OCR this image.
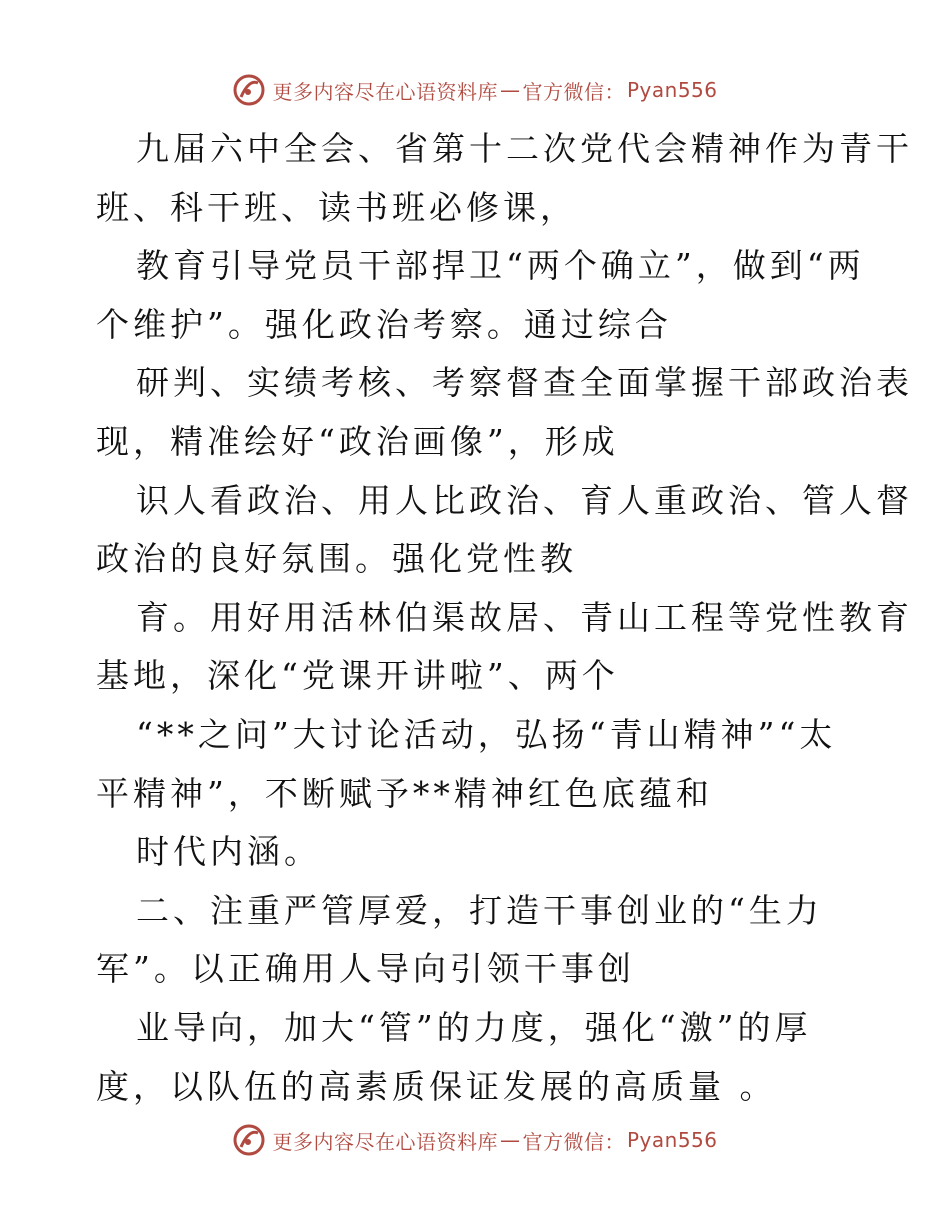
更多内容尽在心语资料库 — 官方微信： Pyan556
九届六中全会、省第十二次党代会精神作为青干
班、科干班、读书班必修课，
教育引导党员干部捍卫“两个确立”，做到“两
个维护”。强化政治考察。通过综合
研判、实绩考核、考察督查全面掌握干部政治表
现，精准绘好“政治画像”，形成
识人看政治、用人比政治、育人重政治、管人督
政治的良好氛围。强化党性教
育。用好用活林伯渠故居、青山工程等党性教育
基地，深化“党课开讲啦”、两个
“**之问”大讨论活动，弘扬“青山精神”“太
平精神”，不断赋予**精神红色底蕴和
时代内涵。
二、注重严管厚爱，打造干事创业的“生力
军”。以正确用人导向引领干事创
业导向，加大“管”的力度，强化“激”的厚
度，以队伍的高素质保证发展的高质量 。
更多内容尽在心语资料库 — 官方微信： Pyan556
